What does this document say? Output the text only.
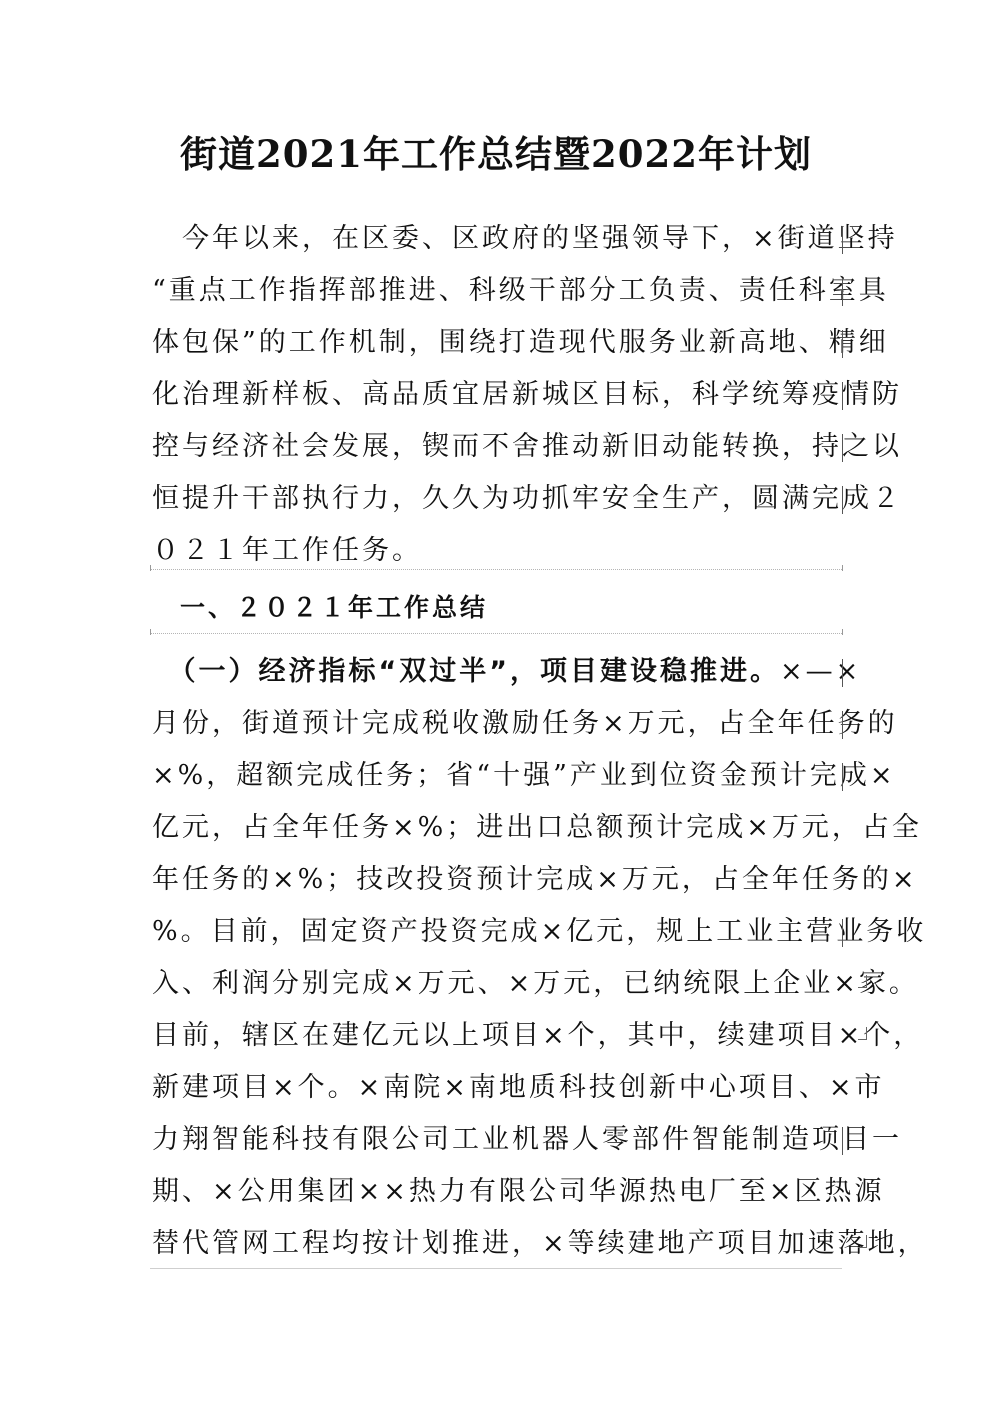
街道2021年工作总结暨2022年计划
　今年以来，在区委、区政府的坚强领导下，×街道坚持
“重点工作指挥部推进、科级干部分工负责、责任科室具
体包保”的工作机制，围绕打造现代服务业新高地、精细
化治理新样板、高品质宜居新城区目标，科学统筹疫情防
控与经济社会发展，锲而不舍推动新旧动能转换，持之以
恒提升干部执行力，久久为功抓牢安全生产，圆满完成２
０２１年工作任务。
　一、２０２１年工作总结
　（一）经济指标“双过半”，项目建设稳推进。×—×
月份，街道预计完成税收激励任务×万元，占全年任务的
×%，超额完成任务；省“十强”产业到位资金预计完成×
亿元，占全年任务×%；进出口总额预计完成×万元，占全
年任务的×%；技改投资预计完成×万元，占全年任务的×
%。目前，固定资产投资完成×亿元，规上工业主营业务收
入、利润分别完成×万元、×万元，已纳统限上企业×家。
目前，辖区在建亿元以上项目×个，其中，续建项目×个，
新建项目×个。×南院×南地质科技创新中心项目、×市
力翔智能科技有限公司工业机器人零部件智能制造项目一
期、×公用集团××热力有限公司华源热电厂至×区热源
替代管网工程均按计划推进，×等续建地产项目加速落地，
